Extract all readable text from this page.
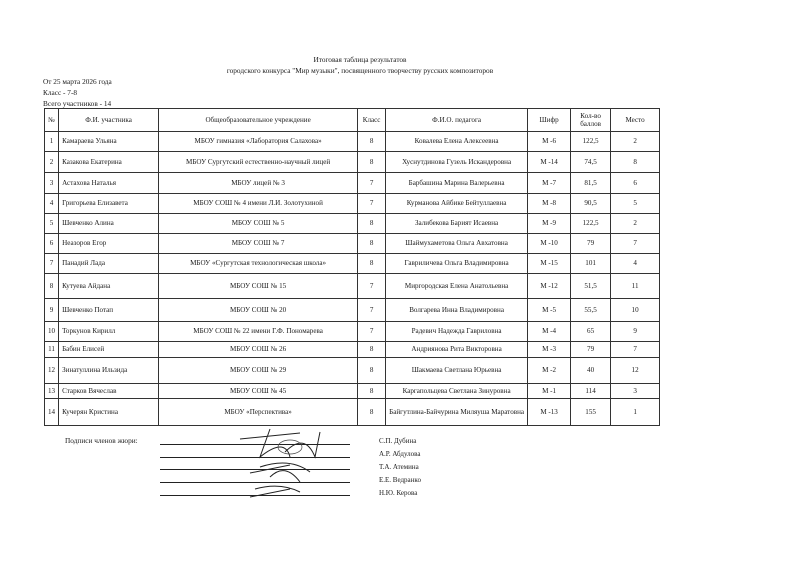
Итоговая таблица результатов
городского конкурса "Мир музыки", посвященного творчеству русских композиторов
От 25 марта 2026 года
Класс - 7-8
Всего участников - 14
№	Ф.И. участника	Общеобразовательное учреждение	Класс	Ф.И.О. педагога	Шифр	Кол-во баллов	Место
1	Камараева Ульяна	МБОУ гимназия «Лаборатория Салахова»	8	Ковалева Елена Алексеевна	М -6	122,5	2
2	Казакова Екатерина	МБОУ Сургутский естественно-научный лицей	8	Хуснутдинова Гузель Искандеровна	М -14	74,5	8
3	Астахова Наталья	МБОУ лицей № 3	7	Барбашина Марина Валерьевна	М -7	81,5	6
4	Григорьева Елизавета	МБОУ СОШ № 4 имени Л.И. Золотухиной	7	Курманова Айбике Бейтуллаевна	М -8	90,5	5
5	Шевченко Алина	МБОУ СОШ № 5	8	Залибекова Барият Исаевна	М -9	122,5	2
6	Неазоров Егор	МБОУ СОШ № 7	8	Шаймухаметова Ольга Авхатовна	М -10	79	7
7	Панадий Лада	МБОУ «Сургутская технологическая школа»	8	Гавриличева Ольга Владимировна	М -15	101	4
8	Кутуева Айдана	МБОУ СОШ № 15	7	Миргородская Елена Анатольевна	М -12	51,5	11
9	Шевченко Потап	МБОУ СОШ № 20	7	Волгарева Инна Владимировна	М -5	55,5	10
10	Торкунов Кирилл	МБОУ СОШ № 22 имени Г.Ф. Пономарева	7	Радевич Надежда Гавриловна	М -4	65	9
11	Бабин Елисей	МБОУ СОШ № 26	8	Андриянова Рита Викторовна	М -3	79	7
12	Зинатуллина Ильзида	МБОУ СОШ № 29	8	Шакмаева Светлана Юрьевна	М -2	40	12
13	Старков Вячеслав	МБОУ СОШ № 45	8	Каргапольцева Светлана Зинуровна	М -1	114	3
14	Кучерян Кристина	МБОУ «Перспектива»	8	Байгутлина-Байчурина Миляуша Маратовна	М -13	155	1
Подписи членов жюри:	С.П. Дубина
А.Р. Абдулова
Т.А. Атемина
Е.Е. Ведранко
Н.Ю. Керова
